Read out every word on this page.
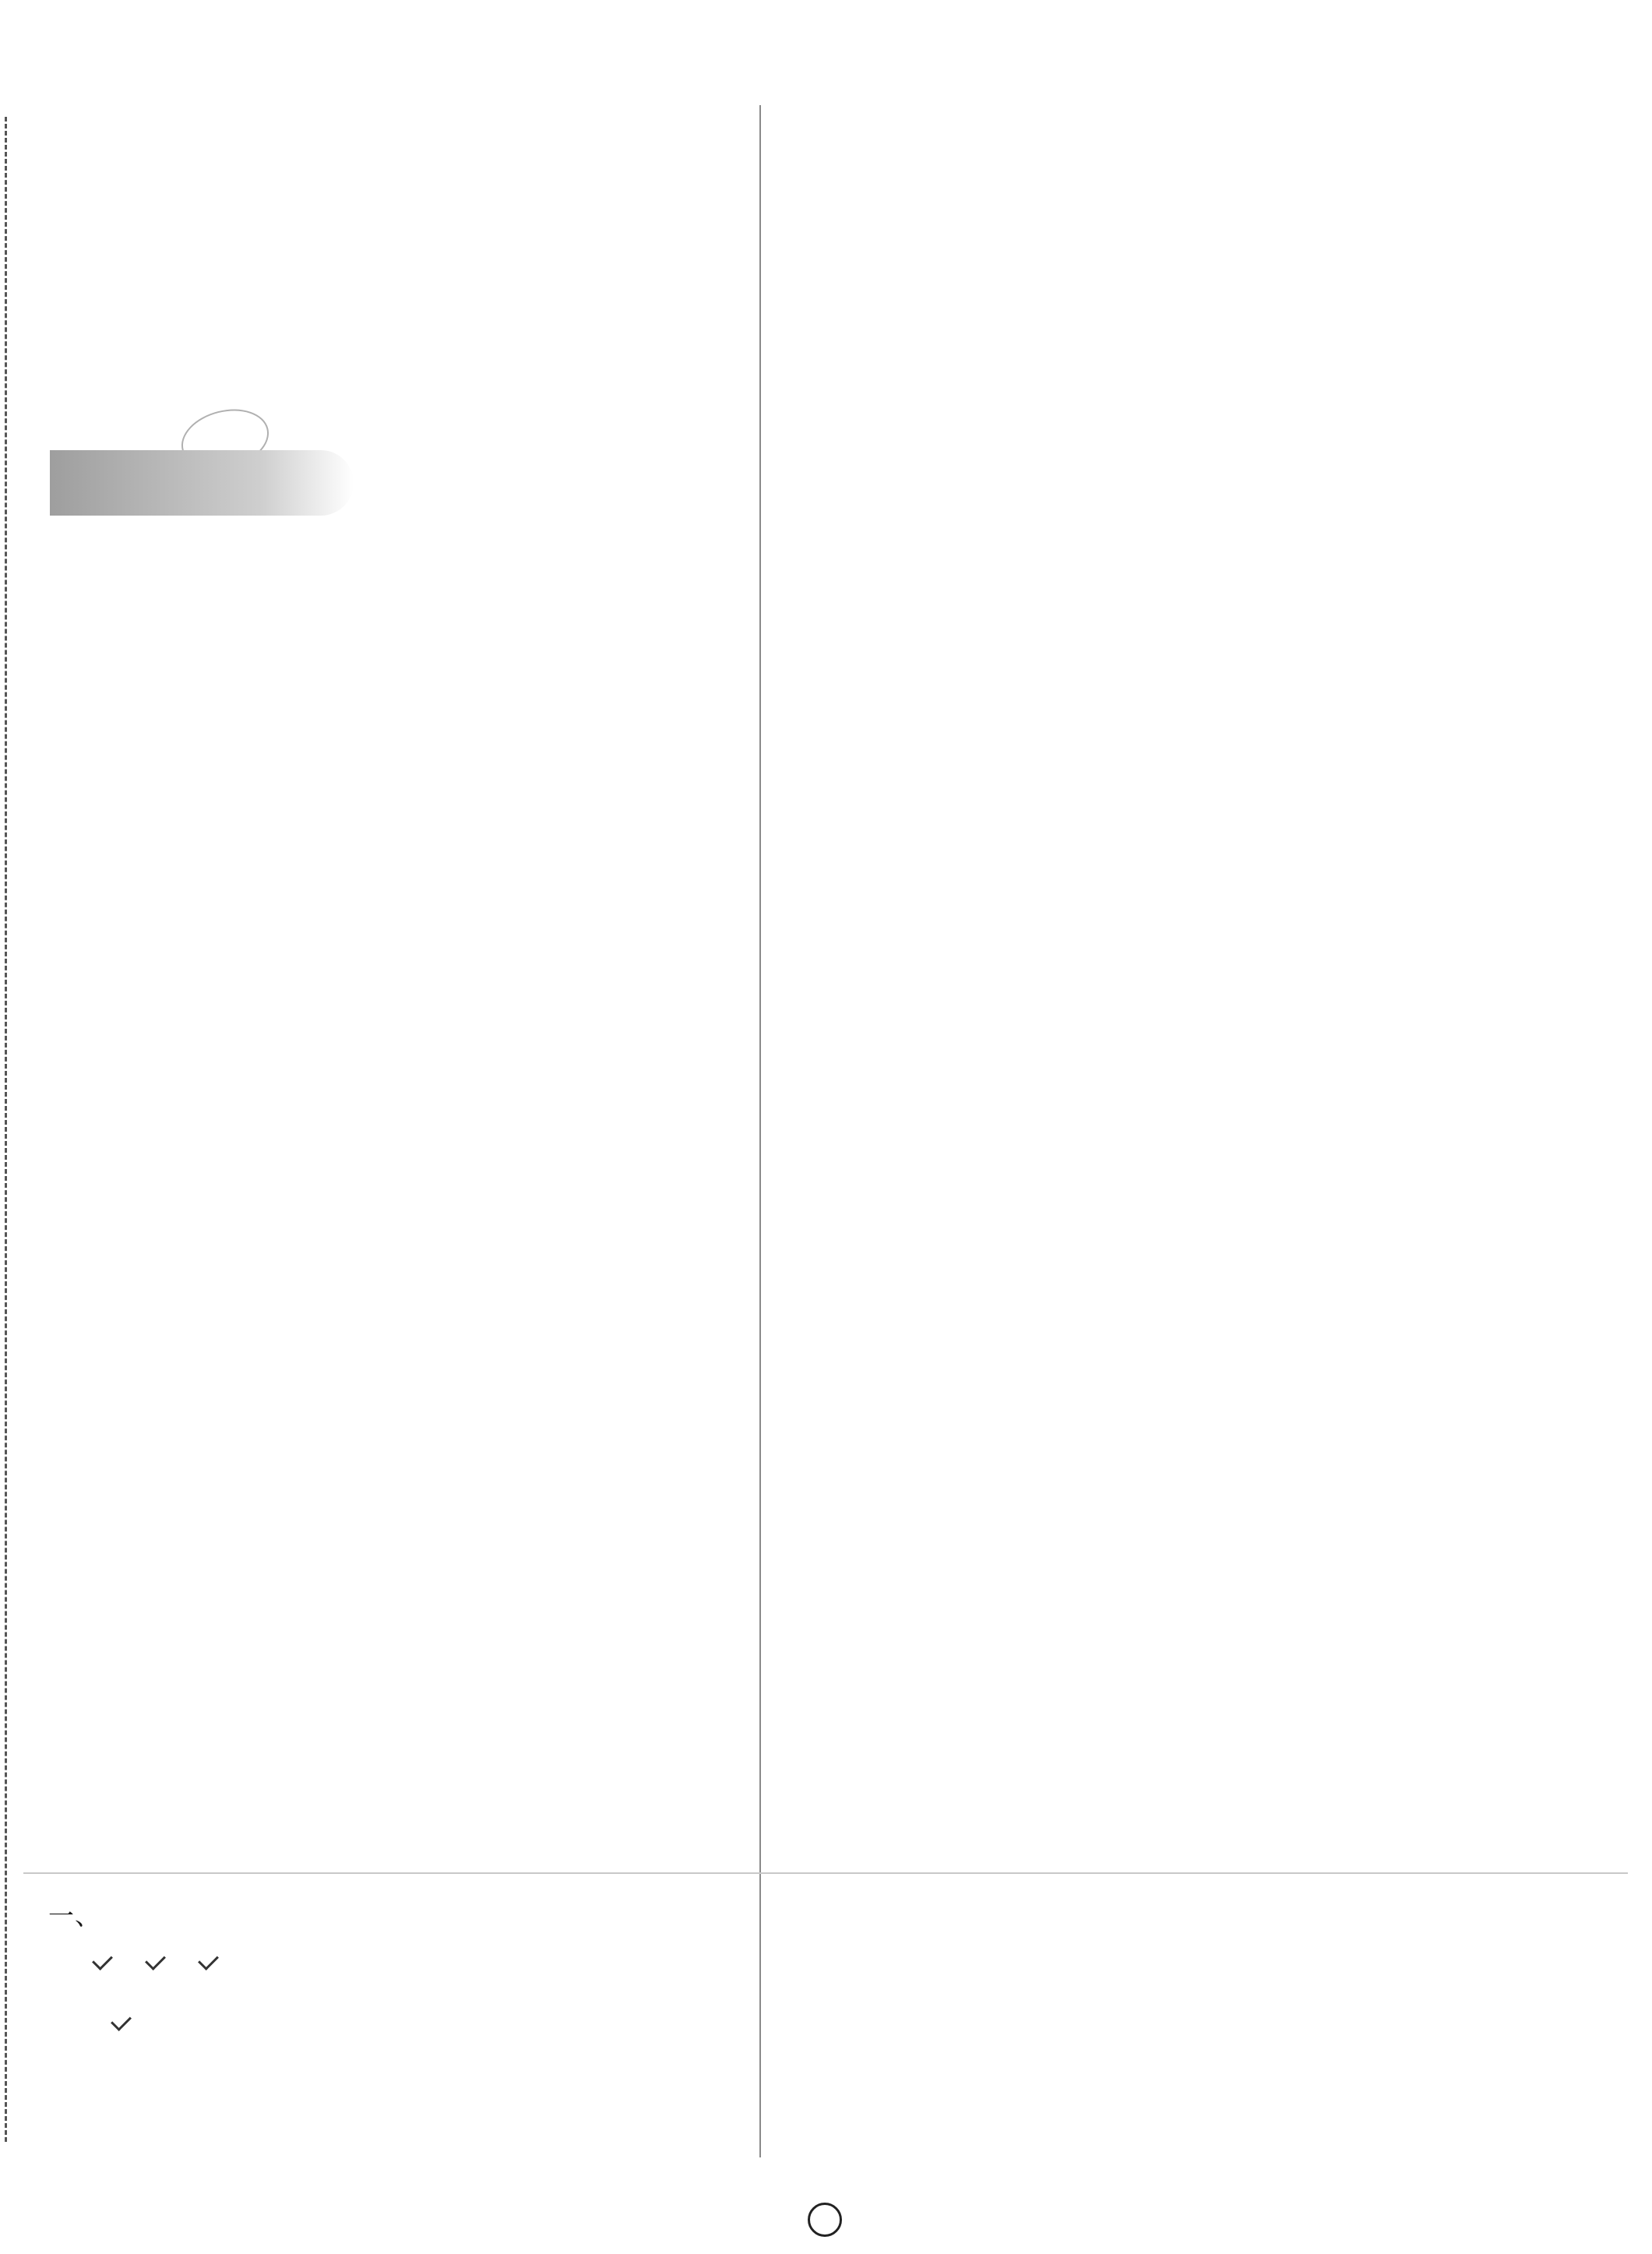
一、
